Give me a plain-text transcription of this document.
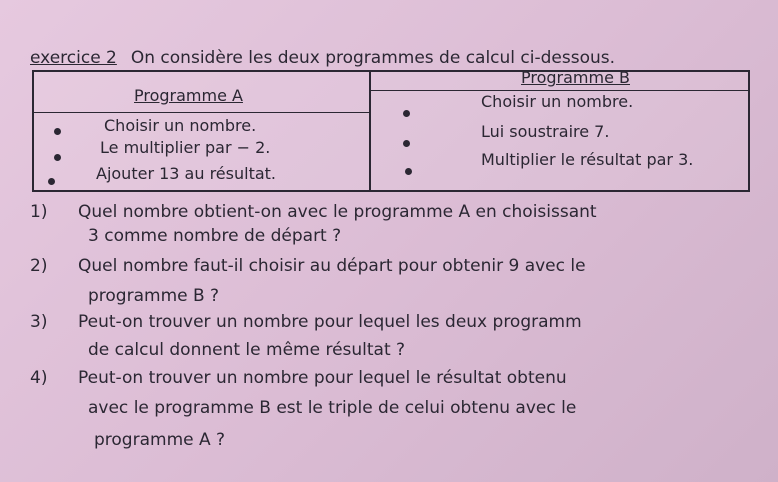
exercice 2 On considère les deux programmes de calcul ci-dessous.
Programme A
Choisir un nombre.
Le multiplier par − 2.
Ajouter 13 au résultat.
Programme B
Choisir un nombre.
Lui soustraire 7.
Multiplier le résultat par 3.
1) Quel nombre obtient-on avec le programme A en choisissant
3 comme nombre de départ ?
2) Quel nombre faut-il choisir au départ pour obtenir 9 avec le
programme B ?
3) Peut-on trouver un nombre pour lequel les deux programm
de calcul donnent le même résultat ?
4) Peut-on trouver un nombre pour lequel le résultat obtenu
avec le programme B est le triple de celui obtenu avec le
programme A ?
